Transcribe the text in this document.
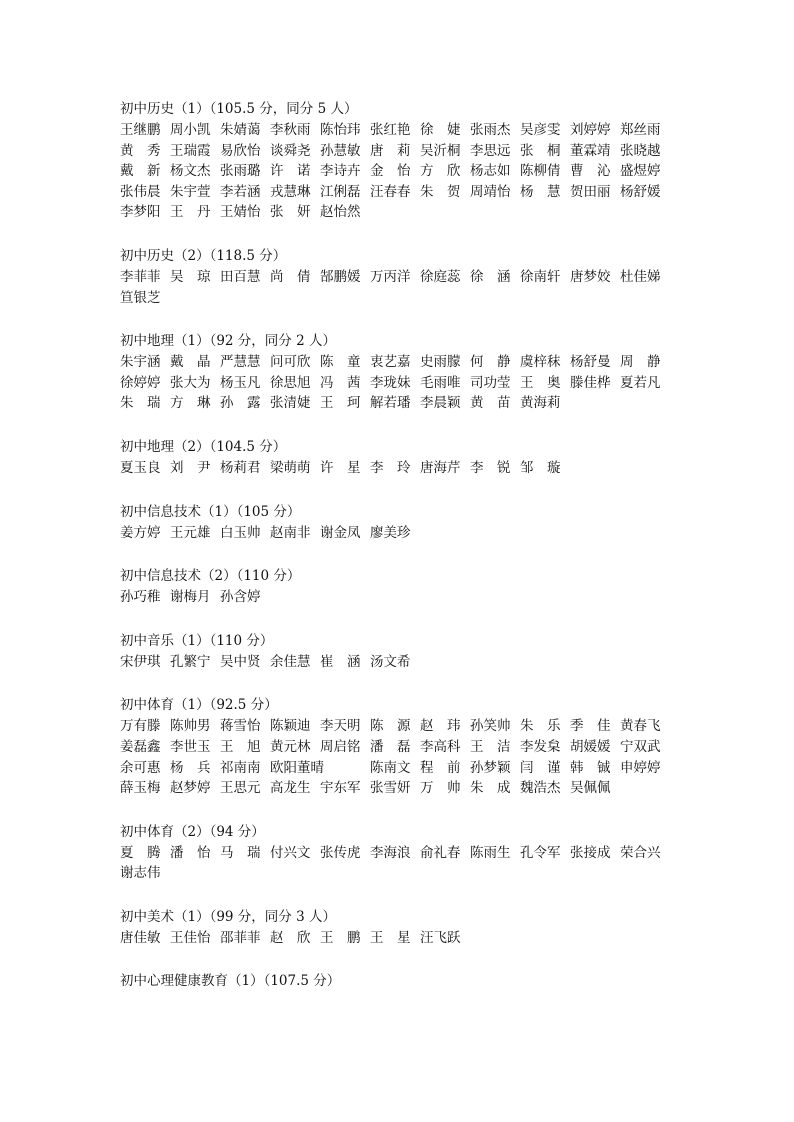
初中历史（1）（105.5 分，同分 5 人）
王继鹏 周小凯 朱婧蔼 李秋雨 陈怡玮 张红艳 徐　婕 张雨杰 吴彦雯 刘婷婷 郑丝雨
黄　秀 王瑞霞 易欣怡 谈舜尧 孙慧敏 唐　莉 吴沂桐 李思远 张　桐 董霖靖 张晓越
戴　新 杨文杰 张雨璐 许　诺 李诗卉 金　怡 方　欣 杨志如 陈柳倩 曹　沁 盛煜婷
张伟晨 朱宇萱 李若涵 戎慧琳 江俐磊 汪春春 朱　贺 周靖怡 杨　慧 贺田丽 杨舒媛
李梦阳 王　丹 王婧怡 张　妍 赵怡然
初中历史（2）（118.5 分）
李菲菲 吴　琼 田百慧 尚　倩 郜鹏媛 万丙洋 徐庭蕊 徐　涵 徐南轩 唐梦姣 杜佳娣
笪银芝
初中地理（1）（92 分，同分 2 人）
朱宇涵 戴　晶 严慧慧 问可欣 陈　童 衷艺嘉 史雨朦 何　静 虞梓秣 杨舒曼 周　静
徐婷婷 张大为 杨玉凡 徐思旭 冯　茜 李珑妹 毛雨唯 司功莹 王　奥 滕佳桦 夏若凡
朱　瑞 方　琳 孙　露 张清婕 王　珂 解若璠 李晨颖 黄　苗 黄海莉
初中地理（2）（104.5 分）
夏玉良 刘　尹 杨莉君 梁萌萌 许　星 李　玲 唐海芹 李　锐 邹　璇
初中信息技术（1）（105 分）
姜方婷 王元雄 白玉帅 赵南非 谢金凤 廖美珍
初中信息技术（2）（110 分）
孙巧稚 谢梅月 孙含婷
初中音乐（1）（110 分）
宋伊琪 孔繁宁 吴中贤 余佳慧 崔　涵 汤文希
初中体育（1）（92.5 分）
万有滕 陈帅男 蒋雪怡 陈颖迪 李天明 陈　源 赵　玮 孙笑帅 朱　乐 季　佳 黄春飞
姜磊鑫 李世玉 王　旭 黄元林 周启铭 潘　磊 李高科 王　洁 李发枲 胡媛媛 宁双武
余可惠 杨　兵 祁南南 欧阳董晴	陈南文 程　前 孙梦颖 闫　谨 韩　铖 申婷婷
薛玉梅 赵梦婷 王思元 高龙生 宇东军 张雪妍 万　帅 朱　成 魏浩杰 吴佩佩
初中体育（2）（94 分）
夏　腾 潘　怡 马　瑞 付兴文 张传虎 李海浪 俞礼春 陈雨生 孔令军 张接成 荣合兴
谢志伟
初中美术（1）（99 分，同分 3 人）
唐佳敏 王佳怡 邵菲菲 赵　欣 王　鹏 王　星 汪飞跃
初中心理健康教育（1）（107.5 分）
